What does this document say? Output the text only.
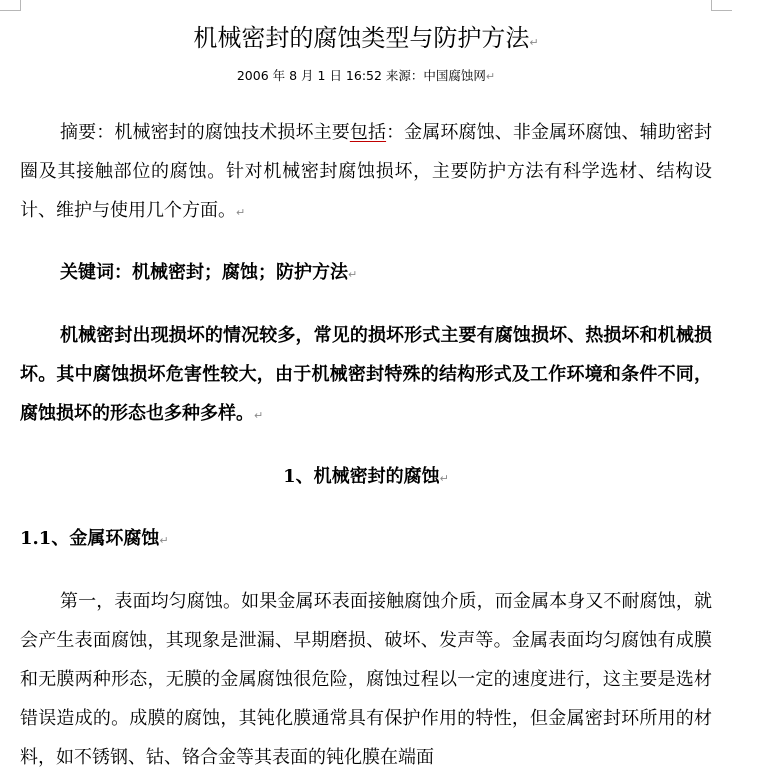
机械密封的腐蚀类型与防护方法↵
2006 年 8 月 1 日 16:52 来源：中国腐蚀网↵
摘要：机械密封的腐蚀技术损坏主要包括：金属环腐蚀、非金属环腐蚀、辅助密封圈及其接触部位的腐蚀。针对机械密封腐蚀损坏，主要防护方法有科学选材、结构设计、维护与使用几个方面。↵
关键词：机械密封；腐蚀；防护方法↵
机械密封出现损坏的情况较多，常见的损坏形式主要有腐蚀损坏、热损坏和机械损坏。其中腐蚀损坏危害性较大，由于机械密封特殊的结构形式及工作环境和条件不同，腐蚀损坏的形态也多种多样。↵
1、机械密封的腐蚀↵
1.1、金属环腐蚀↵
第一，表面均匀腐蚀。如果金属环表面接触腐蚀介质，而金属本身又不耐腐蚀，就会产生表面腐蚀，其现象是泄漏、早期磨损、破坏、发声等。金属表面均匀腐蚀有成膜和无膜两种形态，无膜的金属腐蚀很危险，腐蚀过程以一定的速度进行，这主要是选材错误造成的。成膜的腐蚀，其钝化膜通常具有保护作用的特性，但金属密封环所用的材料，如不锈钢、钴、铬合金等其表面的钝化膜在端面
